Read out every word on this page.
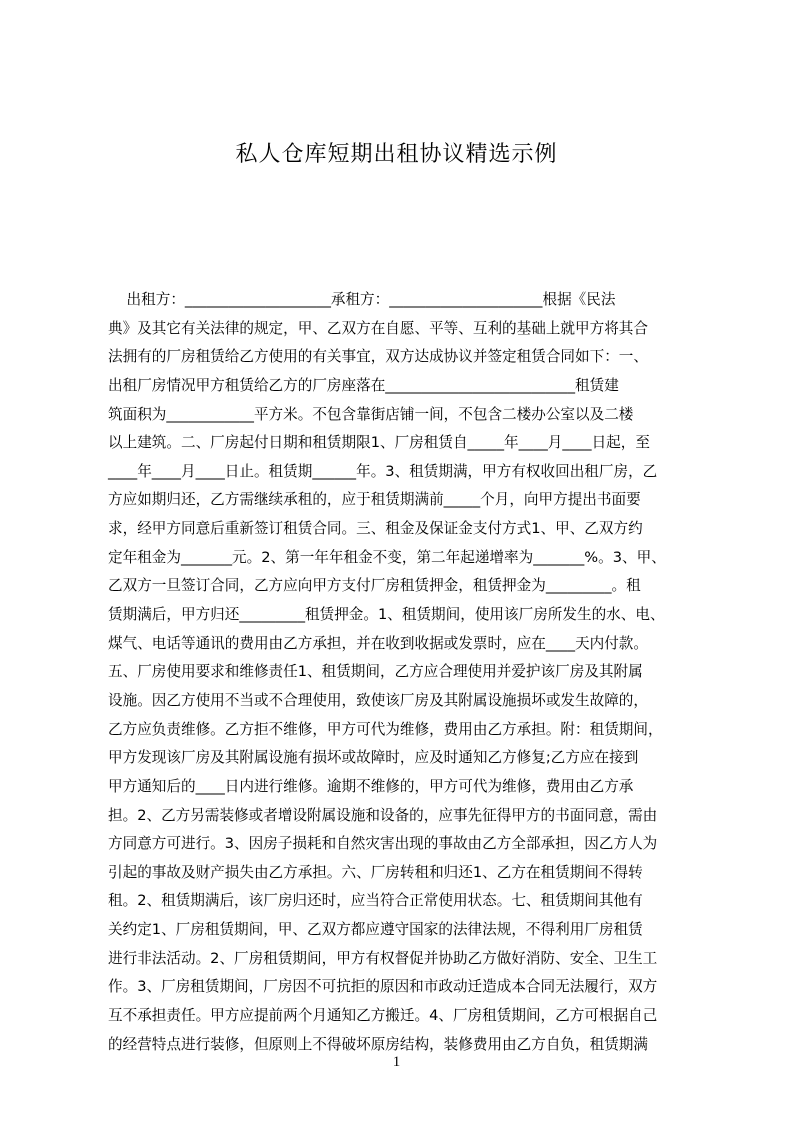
私人仓库短期出租协议精选示例
出租方：____________________承租方：_____________________根据《民法
典》及其它有关法律的规定，甲、乙双方在自愿、平等、互利的基础上就甲方将其合
法拥有的厂房租赁给乙方使用的有关事宜，双方达成协议并签定租赁合同如下：一、
出租厂房情况甲方租赁给乙方的厂房座落在__________________________租赁建
筑面积为____________平方米。不包含靠街店铺一间，不包含二楼办公室以及二楼
以上建筑。二、厂房起付日期和租赁期限1、厂房租赁自_____年____月____日起，至
____年____月____日止。租赁期______年。3、租赁期满，甲方有权收回出租厂房，乙
方应如期归还，乙方需继续承租的，应于租赁期满前_____个月，向甲方提出书面要
求，经甲方同意后重新签订租赁合同。三、租金及保证金支付方式1、甲、乙双方约
定年租金为_______元。2、第一年年租金不变，第二年起递增率为_______%。3、甲、
乙双方一旦签订合同，乙方应向甲方支付厂房租赁押金，租赁押金为_________。租
赁期满后，甲方归还_________租赁押金。1、租赁期间，使用该厂房所发生的水、电、
煤气、电话等通讯的费用由乙方承担，并在收到收据或发票时，应在____天内付款。
五、厂房使用要求和维修责任1、租赁期间，乙方应合理使用并爱护该厂房及其附属
设施。因乙方使用不当或不合理使用，致使该厂房及其附属设施损坏或发生故障的，
乙方应负责维修。乙方拒不维修，甲方可代为维修，费用由乙方承担。附：租赁期间，
甲方发现该厂房及其附属设施有损坏或故障时，应及时通知乙方修复;乙方应在接到
甲方通知后的____日内进行维修。逾期不维修的，甲方可代为维修，费用由乙方承
担。2、乙方另需装修或者增设附属设施和设备的，应事先征得甲方的书面同意，需由
方同意方可进行。3、因房子损耗和自然灾害出现的事故由乙方全部承担，因乙方人为
引起的事故及财产损失由乙方承担。六、厂房转租和归还1、乙方在租赁期间不得转
租。2、租赁期满后，该厂房归还时，应当符合正常使用状态。七、租赁期间其他有
关约定1、厂房租赁期间，甲、乙双方都应遵守国家的法律法规，不得利用厂房租赁
进行非法活动。2、厂房租赁期间，甲方有权督促并协助乙方做好消防、安全、卫生工
作。3、厂房租赁期间，厂房因不可抗拒的原因和市政动迁造成本合同无法履行，双方
互不承担责任。甲方应提前两个月通知乙方搬迁。4、厂房租赁期间，乙方可根据自己
的经营特点进行装修，但原则上不得破坏原房结构，装修费用由乙方自负，租赁期满
1
